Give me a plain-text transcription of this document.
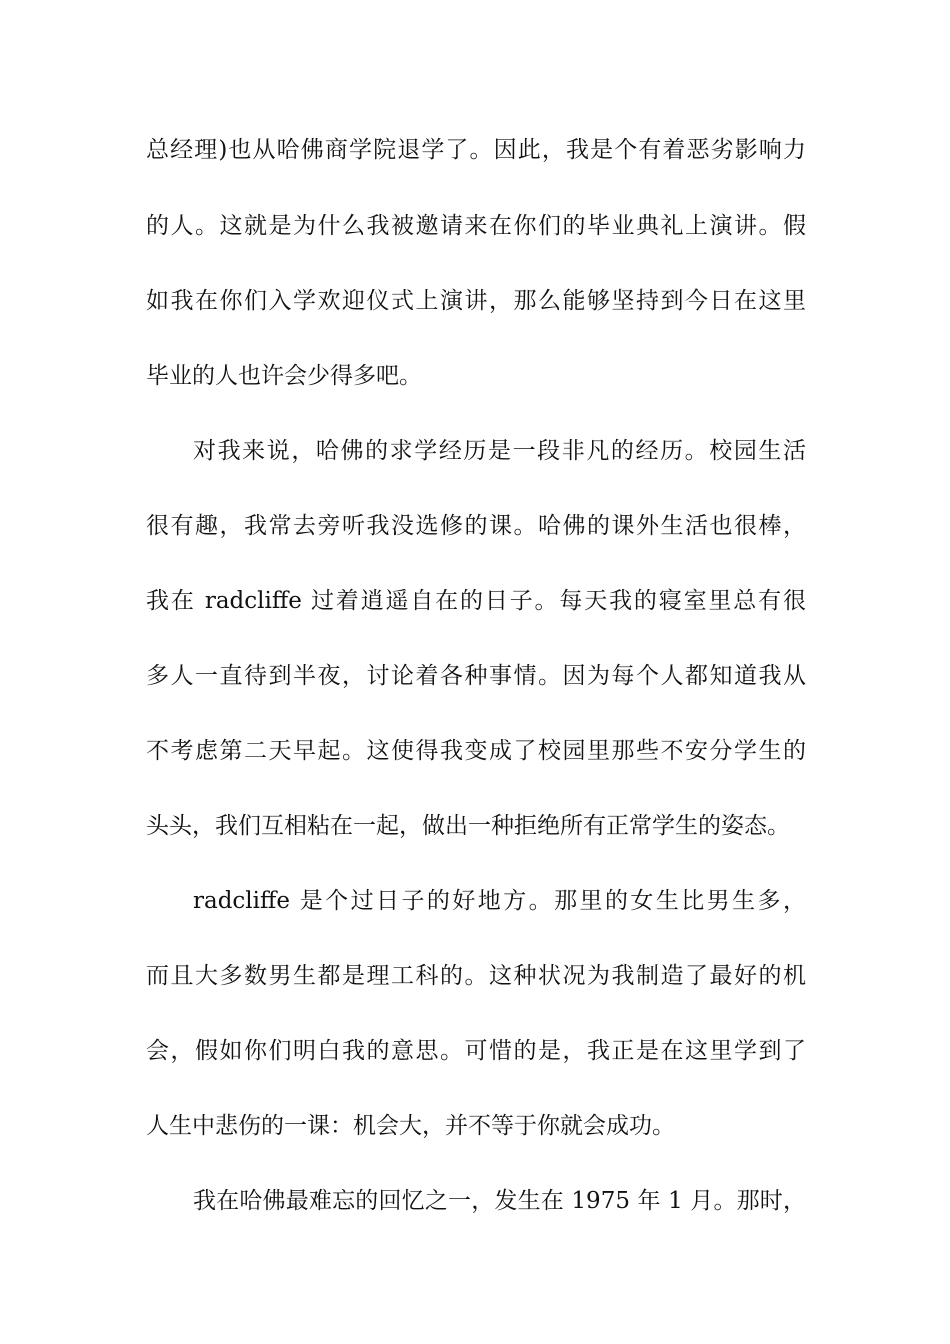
总经理)也从哈佛商学院退学了。因此，我是个有着恶劣影响力
的人。这就是为什么我被邀请来在你们的毕业典礼上演讲。假
如我在你们入学欢迎仪式上演讲，那么能够坚持到今日在这里
毕业的人也许会少得多吧。
对我来说，哈佛的求学经历是一段非凡的经历。校园生活
很有趣，我常去旁听我没选修的课。哈佛的课外生活也很棒，
我在 radcliffe 过着逍遥自在的日子。每天我的寝室里总有很
多人一直待到半夜，讨论着各种事情。因为每个人都知道我从
不考虑第二天早起。这使得我变成了校园里那些不安分学生的
头头，我们互相粘在一起，做出一种拒绝所有正常学生的姿态。
radcliffe 是个过日子的好地方。那里的女生比男生多，
而且大多数男生都是理工科的。这种状况为我制造了最好的机
会，假如你们明白我的意思。可惜的是，我正是在这里学到了
人生中悲伤的一课：机会大，并不等于你就会成功。
我在哈佛最难忘的回忆之一，发生在 1975 年 1 月。那时，
